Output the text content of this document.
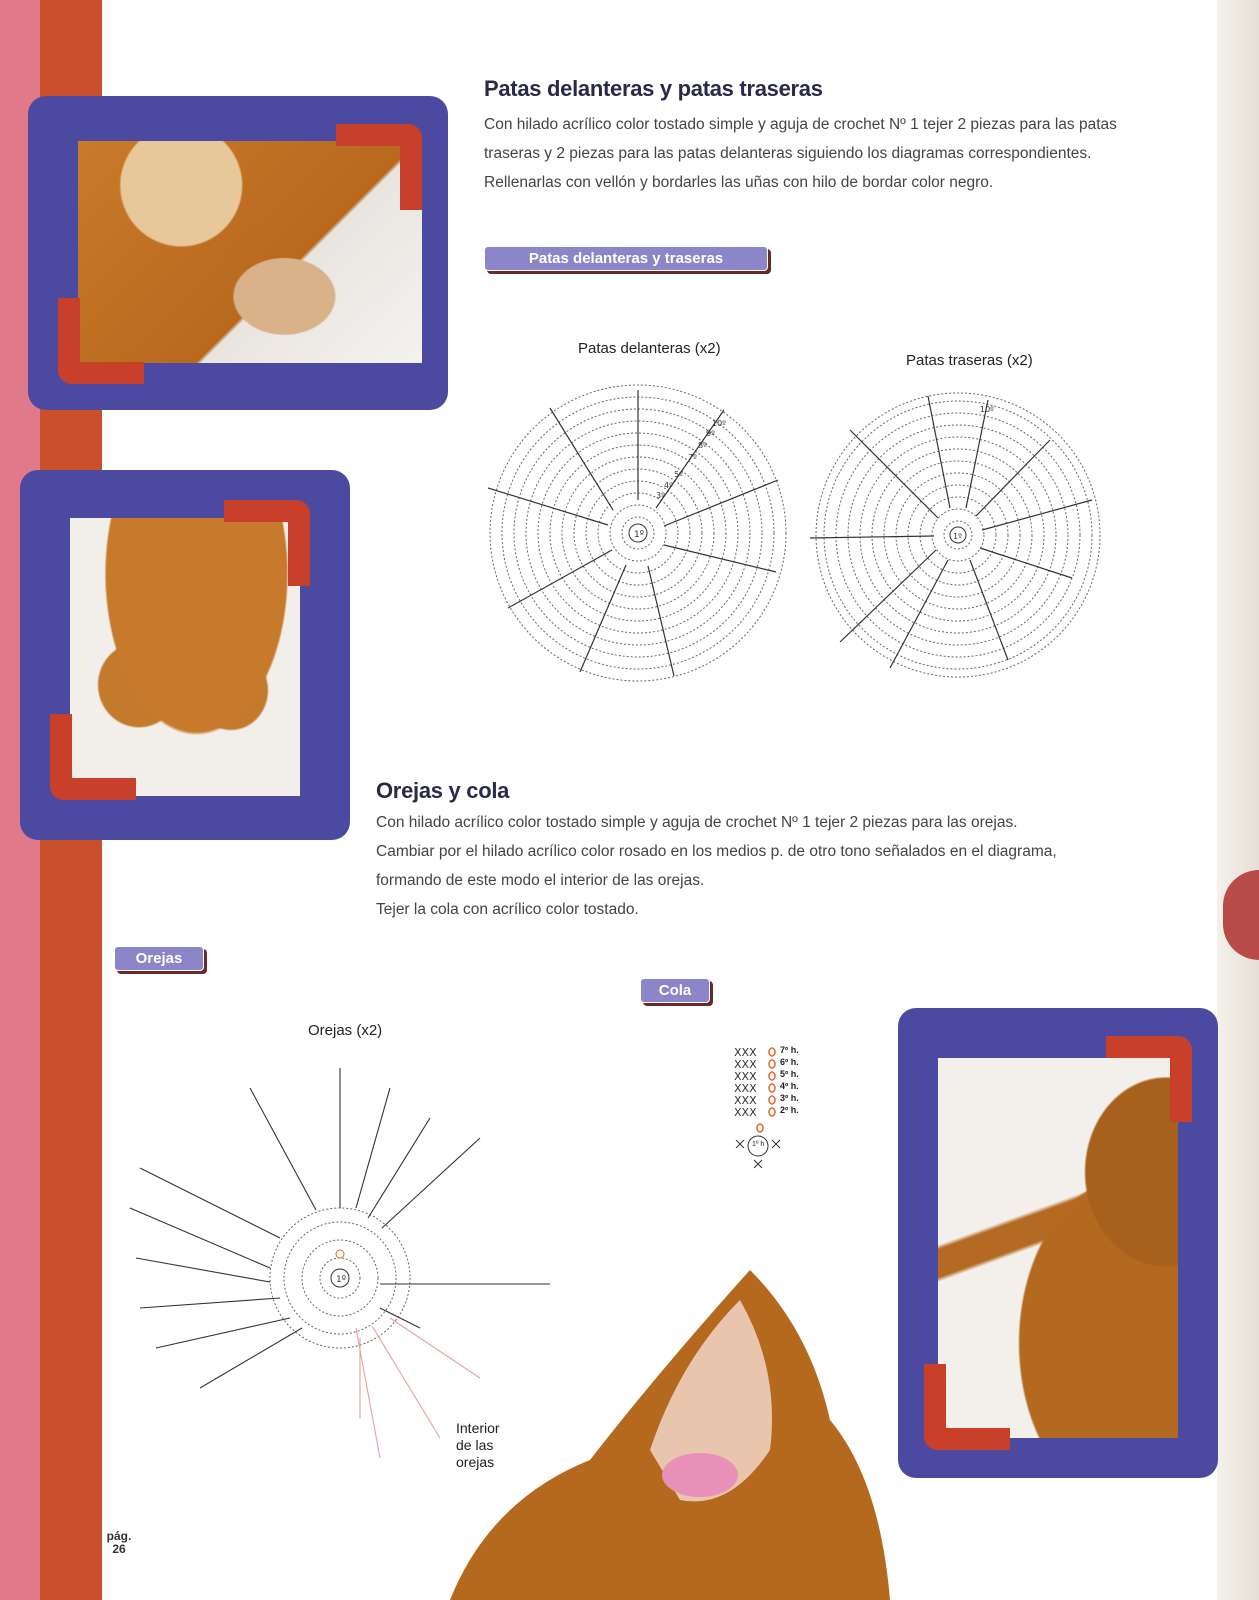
Patas delanteras y patas traseras

Con hilado acrílico color tostado simple y aguja de crochet Nº 1 tejer 2 piezas para las patas traseras y 2 piezas para las patas delanteras siguiendo los diagramas correspondientes. Rellenarlas con vellón y bordarles las uñas con hilo de bordar color negro.

Patas delanteras y traseras
Patas delanteras (x2)
Patas traseras (x2)
1º
3º
4º
5º
7º
8º
9º
10º
1º
10º
Orejas y cola

Con hilado acrílico color tostado simple y aguja de crochet Nº 1 tejer 2 piezas para las orejas.

Cambiar por el hilado acrílico color rosado en los medios p. de otro tono señalados en el diagrama,

formando de este modo el interior de las orejas.

Tejer la cola con acrílico color tostado.

Orejas
Cola
Orejas (x2)
1º
Interior
de las
orejas
XXX
XXX
XXX
XXX
XXX
XXX
7º h.
6º h.
5º h.
4º h.
3º h.
2º h.
1º h
pág.
26
